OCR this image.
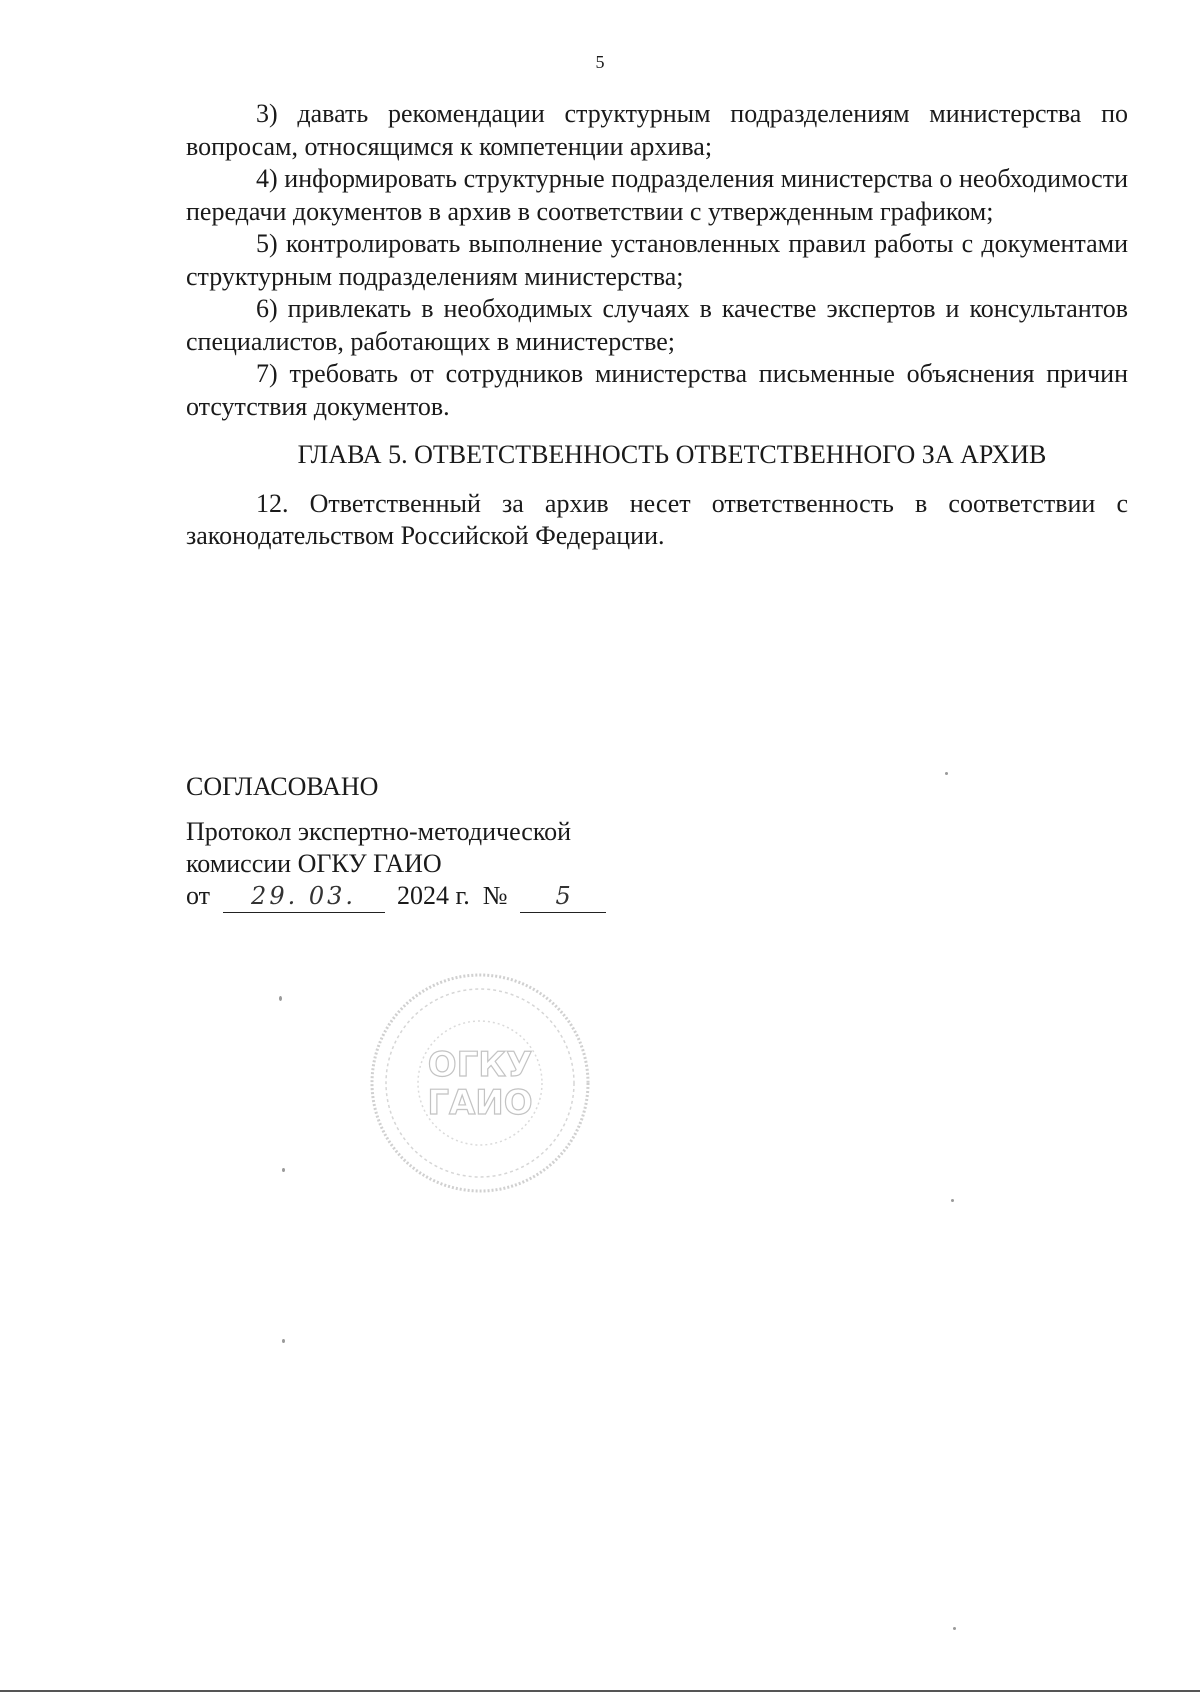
5

3) давать рекомендации структурным подразделениям министерства по вопросам, относящимся к компетенции архива;

4) информировать структурные подразделения министерства о необходимости передачи документов в архив в соответствии с утвержденным графиком;

5) контролировать выполнение установленных правил работы с документами структурным подразделениям министерства;

6) привлекать в необходимых случаях в качестве экспертов и консультантов специалистов, работающих в министерстве;

7) требовать от сотрудников министерства письменные объяснения причин отсутствия документов.

ГЛАВА 5. ОТВЕТСТВЕННОСТЬ ОТВЕТСТВЕННОГО ЗА АРХИВ

12. Ответственный за архив несет ответственность в соответствии с законодательством Российской Федерации.

СОГЛАСОВАНО

Протокол экспертно-методической

комиссии ОГКУ ГАИО

от 29. 03. 2024 г. № 5

ОГКУ
ГАИО
